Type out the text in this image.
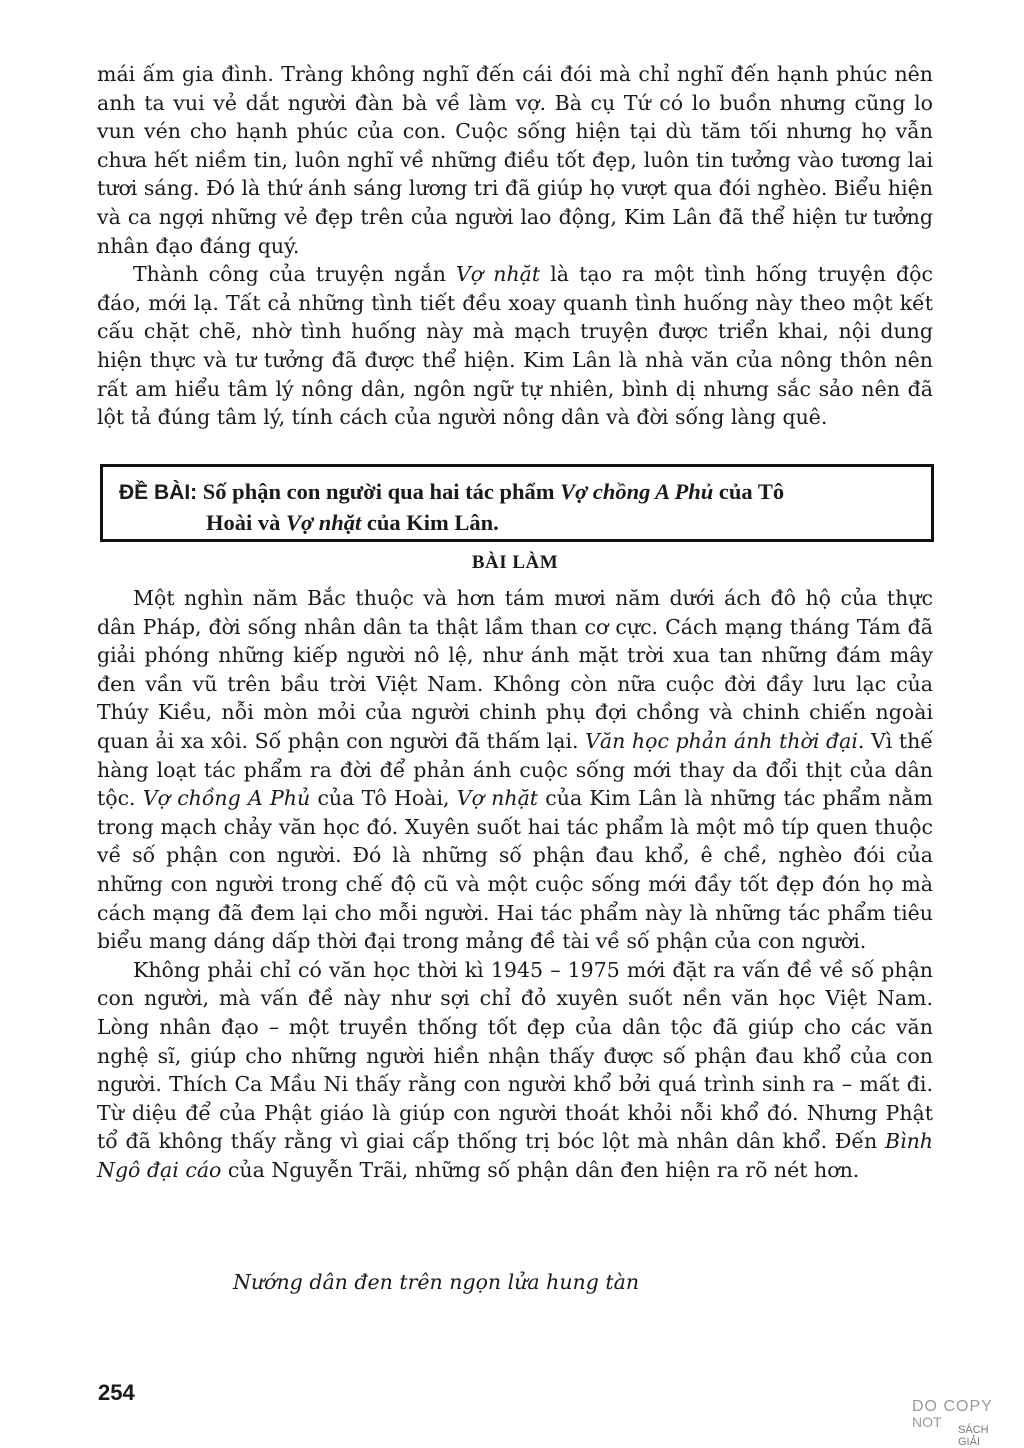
mái ấm gia đình. Tràng không nghĩ đến cái đói mà chỉ nghĩ đến hạnh phúc nên anh ta vui vẻ dắt người đàn bà về làm vợ. Bà cụ Tứ có lo buồn nhưng cũng lo vun vén cho hạnh phúc của con. Cuộc sống hiện tại dù tăm tối nhưng họ vẫn chưa hết niềm tin, luôn nghĩ về những điều tốt đẹp, luôn tin tưởng vào tương lai tươi sáng. Đó là thứ ánh sáng lương tri đã giúp họ vượt qua đói nghèo. Biểu hiện và ca ngợi những vẻ đẹp trên của người lao động, Kim Lân đã thể hiện tư tưởng nhân đạo đáng quý.

Thành công của truyện ngắn Vợ nhặt là tạo ra một tình hống truyện độc đáo, mới lạ. Tất cả những tình tiết đều xoay quanh tình huống này theo một kết cấu chặt chẽ, nhờ tình huống này mà mạch truyện được triển khai, nội dung hiện thực và tư tưởng đã được thể hiện. Kim Lân là nhà văn của nông thôn nên rất am hiểu tâm lý nông dân, ngôn ngữ tự nhiên, bình dị nhưng sắc sảo nên đã lột tả đúng tâm lý, tính cách của người nông dân và đời sống làng quê.

ĐỀ BÀI: Số phận con người qua hai tác phẩm Vợ chồng A Phủ của Tô
Hoài và Vợ nhặt của Kim Lân.
BÀI LÀM

Một nghìn năm Bắc thuộc và hơn tám mươi năm dưới ách đô hộ của thực dân Pháp, đời sống nhân dân ta thật lầm than cơ cực. Cách mạng tháng Tám đã giải phóng những kiếp người nô lệ, như ánh mặt trời xua tan những đám mây đen vần vũ trên bầu trời Việt Nam. Không còn nữa cuộc đời đầy lưu lạc của Thúy Kiều, nỗi mòn mỏi của người chinh phụ đợi chồng và chinh chiến ngoài quan ải xa xôi. Số phận con người đã thấm lại. Văn học phản ánh thời đại. Vì thế hàng loạt tác phẩm ra đời để phản ánh cuộc sống mới thay da đổi thịt của dân tộc. Vợ chồng A Phủ của Tô Hoài, Vợ nhặt của Kim Lân là những tác phẩm nằm trong mạch chảy văn học đó. Xuyên suốt hai tác phẩm là một mô típ quen thuộc về số phận con người. Đó là những số phận đau khổ, ê chề, nghèo đói của những con người trong chế độ cũ và một cuộc sống mới đầy tốt đẹp đón họ mà cách mạng đã đem lại cho mỗi người. Hai tác phẩm này là những tác phẩm tiêu biểu mang dáng dấp thời đại trong mảng đề tài về số phận của con người.

Không phải chỉ có văn học thời kì 1945 – 1975 mới đặt ra vấn đề về số phận con người, mà vấn đề này như sợi chỉ đỏ xuyên suốt nền văn học Việt Nam. Lòng nhân đạo – một truyền thống tốt đẹp của dân tộc đã giúp cho các văn nghệ sĩ, giúp cho những người hiền nhận thấy được số phận đau khổ của con người. Thích Ca Mầu Ni thấy rằng con người khổ bởi quá trình sinh ra – mất đi. Từ diệu để của Phật giáo là giúp con người thoát khỏi nỗi khổ đó. Nhưng Phật tổ đã không thấy rằng vì giai cấp thống trị bóc lột mà nhân dân khổ. Đến Bình Ngô đại cáo của Nguyễn Trãi, những số phận dân đen hiện ra rõ nét hơn.

Nướng dân đen trên ngọn lửa hung tàn
254
DO COPY
NOT SÁCH GIẢI
